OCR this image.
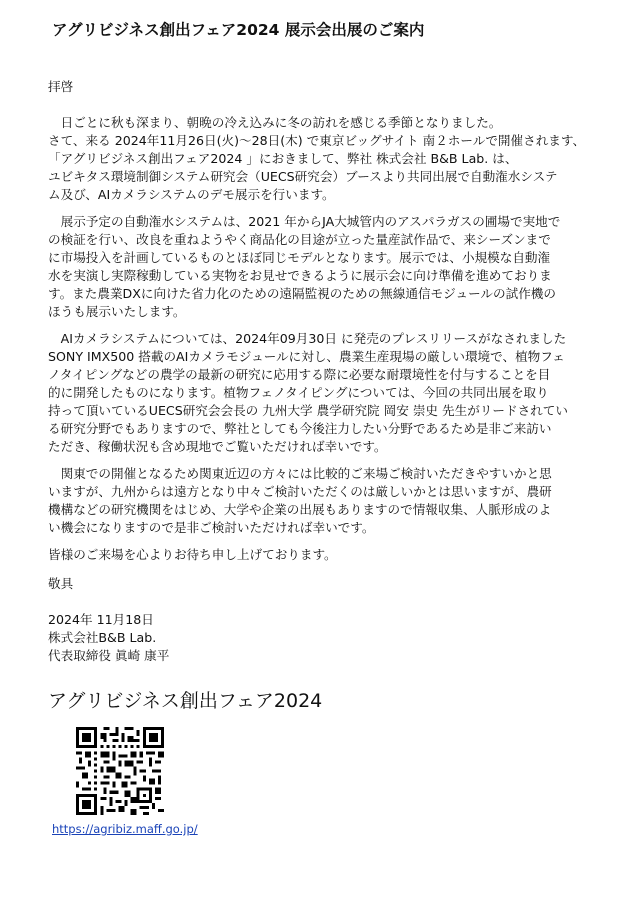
アグリビジネス創出フェア2024 展示会出展のご案内
拝啓
　日ごとに秋も深まり、朝晩の冷え込みに冬の訪れを感じる季節となりました。
さて、来る 2024年11月26日(火)～28日(木) で東京ビッグサイト 南２ホールで開催されます、
「アグリビジネス創出フェア2024 」におきまして、弊社 株式会社 B&B Lab. は、
ユビキタス環境制御システム研究会（UECS研究会）ブースより共同出展で自動潅水システ
ム及び、AIカメラシステムのデモ展示を行います。
　展示予定の自動潅水システムは、2021 年からJA大城管内のアスパラガスの圃場で実地で
の検証を行い、改良を重ねようやく商品化の目途が立った量産試作品で、来シーズンまで
に市場投入を計画しているものとほぼ同じモデルとなります。展示では、小規模な自動潅
水を実演し実際稼動している実物をお見せできるように展示会に向け準備を進めておりま
す。また農業DXに向けた省力化のための遠隔監視のための無線通信モジュールの試作機の
ほうも展示いたします。
　AIカメラシステムについては、2024年09月30日 に発売のプレスリリースがなされました
SONY IMX500 搭載のAIカメラモジュールに対し、農業生産現場の厳しい環境で、植物フェ
ノタイピングなどの農学の最新の研究に応用する際に必要な耐環境性を付与することを目
的に開発したものになります。植物フェノタイピングについては、今回の共同出展を取り
持って頂いているUECS研究会会長の 九州大学 農学研究院 岡安 崇史 先生がリードされてい
る研究分野でもありますので、弊社としても今後注力したい分野であるため是非ご来訪い
ただき、稼働状況も含め現地でご覧いただければ幸いです。
　関東での開催となるため関東近辺の方々には比較的ご来場ご検討いただきやすいかと思
いますが、九州からは遠方となり中々ご検討いただくのは厳しいかとは思いますが、農研
機構などの研究機関をはじめ、大学や企業の出展もありますので情報収集、人脈形成のよ
い機会になりますので是非ご検討いただければ幸いです。
皆様のご来場を心よりお待ち申し上げております。
敬具
2024年 11月18日
株式会社B&B Lab.
代表取締役 眞崎 康平
アグリビジネス創出フェア2024
https://agribiz.maff.go.jp/
